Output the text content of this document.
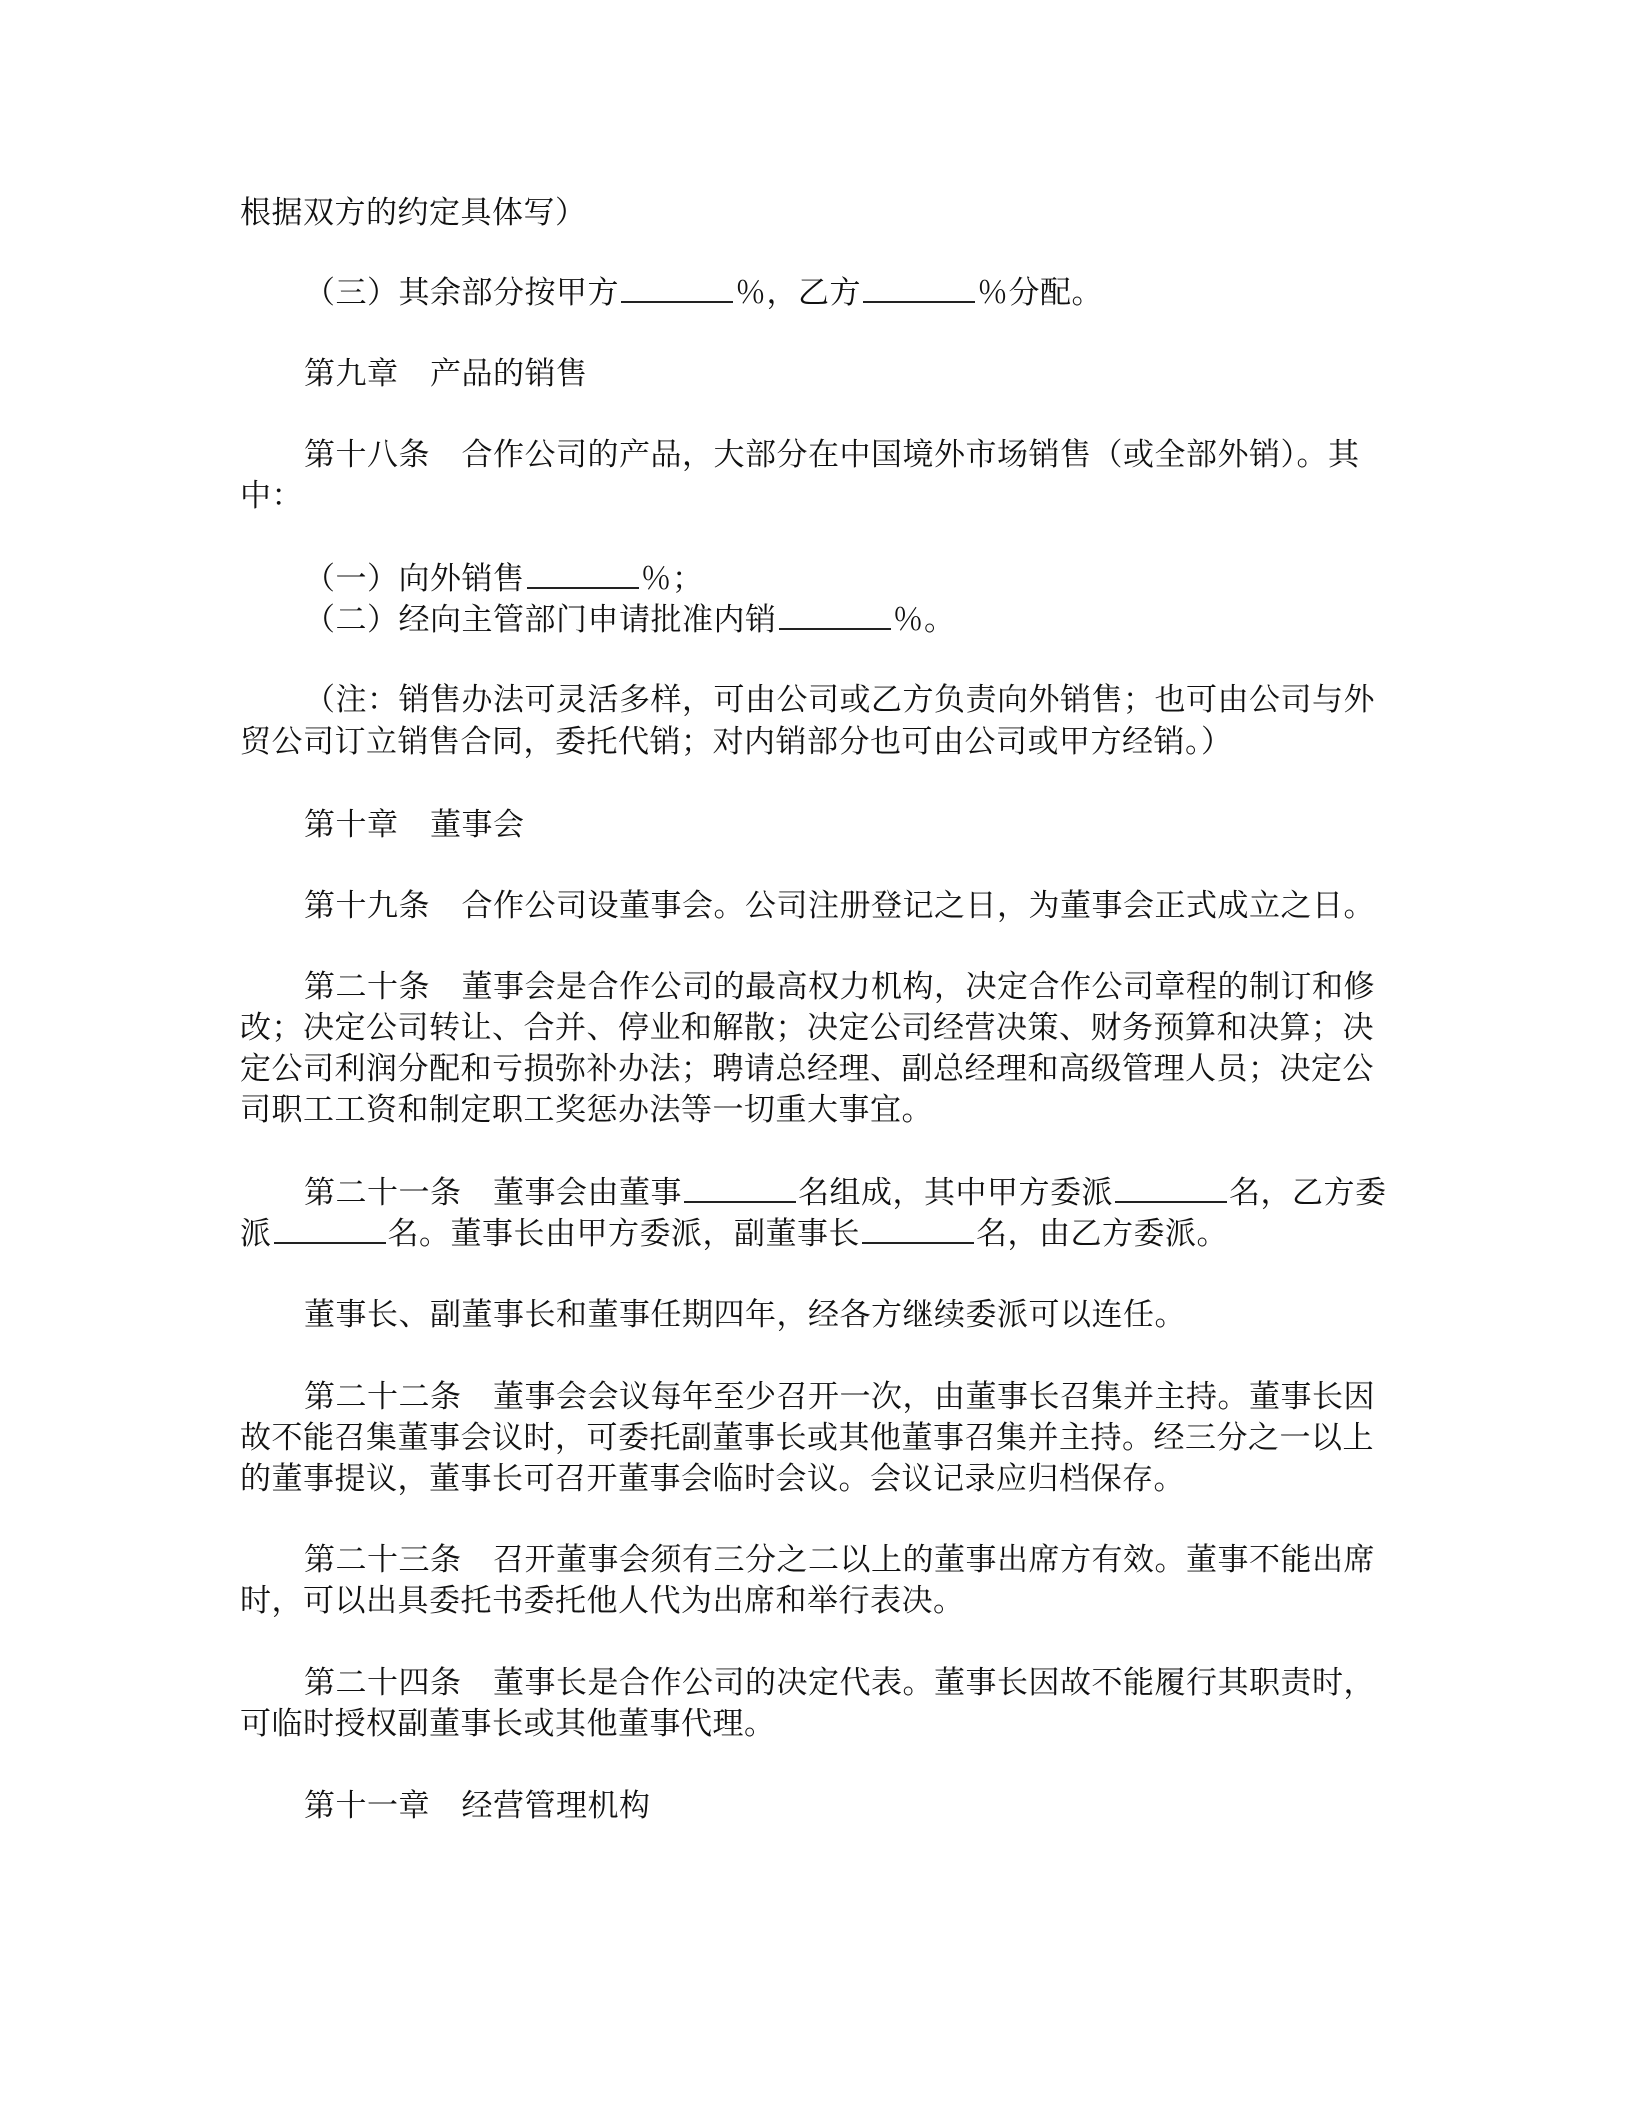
根据双方的约定具体写）
（三）其余部分按甲方	％，乙方	％分配。
第九章　产品的销售
第十八条　合作公司的产品，大部分在中国境外市场销售（或全部外销）。其
中：
（一）向外销售	％；
（二）经向主管部门申请批准内销	％。
（注：销售办法可灵活多样，可由公司或乙方负责向外销售；也可由公司与外
贸公司订立销售合同，委托代销；对内销部分也可由公司或甲方经销。）
第十章　董事会
第十九条　合作公司设董事会。公司注册登记之日，为董事会正式成立之日。
第二十条　董事会是合作公司的最高权力机构，决定合作公司章程的制订和修
改；决定公司转让、合并、停业和解散；决定公司经营决策、财务预算和决算；决
定公司利润分配和亏损弥补办法；聘请总经理、副总经理和高级管理人员；决定公
司职工工资和制定职工奖惩办法等一切重大事宜。
第二十一条　董事会由董事	名组成，其中甲方委派	名，乙方委
派	名。董事长由甲方委派，副董事长	名，由乙方委派。
董事长、副董事长和董事任期四年，经各方继续委派可以连任。
第二十二条　董事会会议每年至少召开一次，由董事长召集并主持。董事长因
故不能召集董事会议时，可委托副董事长或其他董事召集并主持。经三分之一以上
的董事提议，董事长可召开董事会临时会议。会议记录应归档保存。
第二十三条　召开董事会须有三分之二以上的董事出席方有效。董事不能出席
时，可以出具委托书委托他人代为出席和举行表决。
第二十四条　董事长是合作公司的决定代表。董事长因故不能履行其职责时，
可临时授权副董事长或其他董事代理。
第十一章　经营管理机构
